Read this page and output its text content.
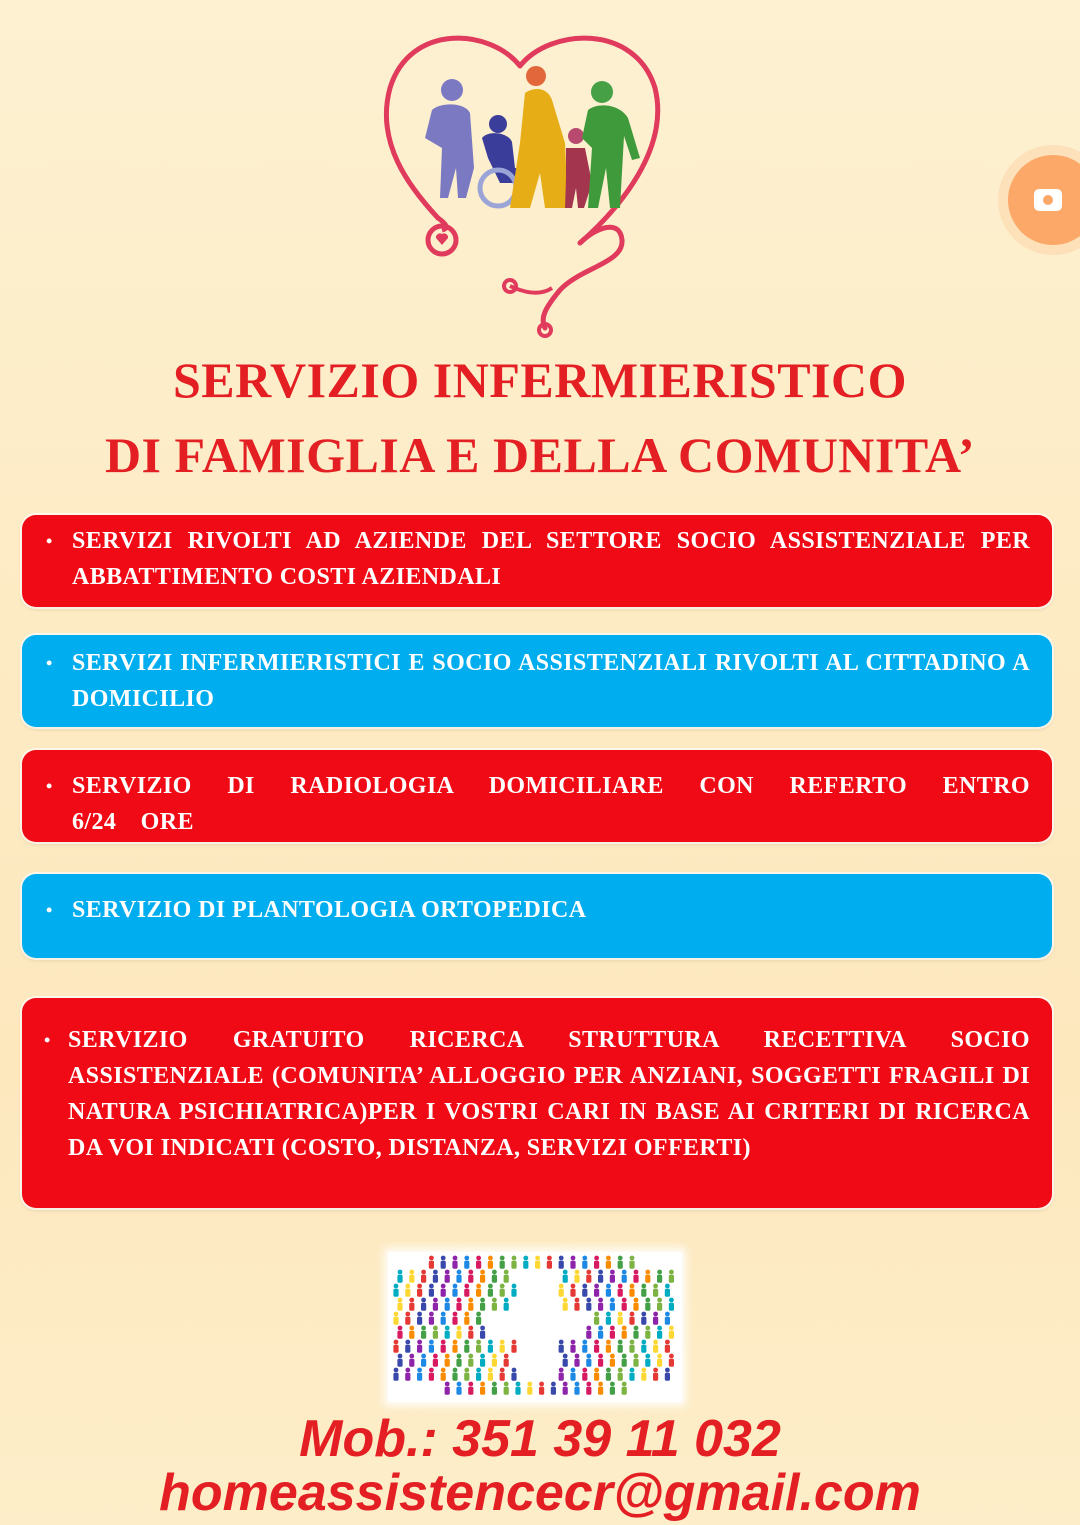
SERVIZIO INFERMIERISTICO
DI FAMIGLIA E DELLA COMUNITA’
• SERVIZI RIVOLTI AD AZIENDE DEL SETTORE SOCIO ASSISTENZIALE PER ABBATTIMENTO COSTI AZIENDALI
• SERVIZI INFERMIERISTICI E SOCIO ASSISTENZIALI RIVOLTI AL CITTADINO A DOMICILIO
• SERVIZIO DI RADIOLOGIA DOMICILIARE CON REFERTO ENTRO 6/24 ORE
• SERVIZIO DI PLANTOLOGIA ORTOPEDICA
• SERVIZIO GRATUITO RICERCA STRUTTURA RECETTIVA SOCIO ASSISTENZIALE (COMUNITA’ ALLOGGIO PER ANZIANI, SOGGETTI FRAGILI DI NATURA PSICHIATRICA)PER I VOSTRI CARI IN BASE AI CRITERI DI RICERCA DA VOI INDICATI (COSTO, DISTANZA, SERVIZI OFFERTI)
Mob.: 351 39 11 032
homeassistencecr@gmail.com
